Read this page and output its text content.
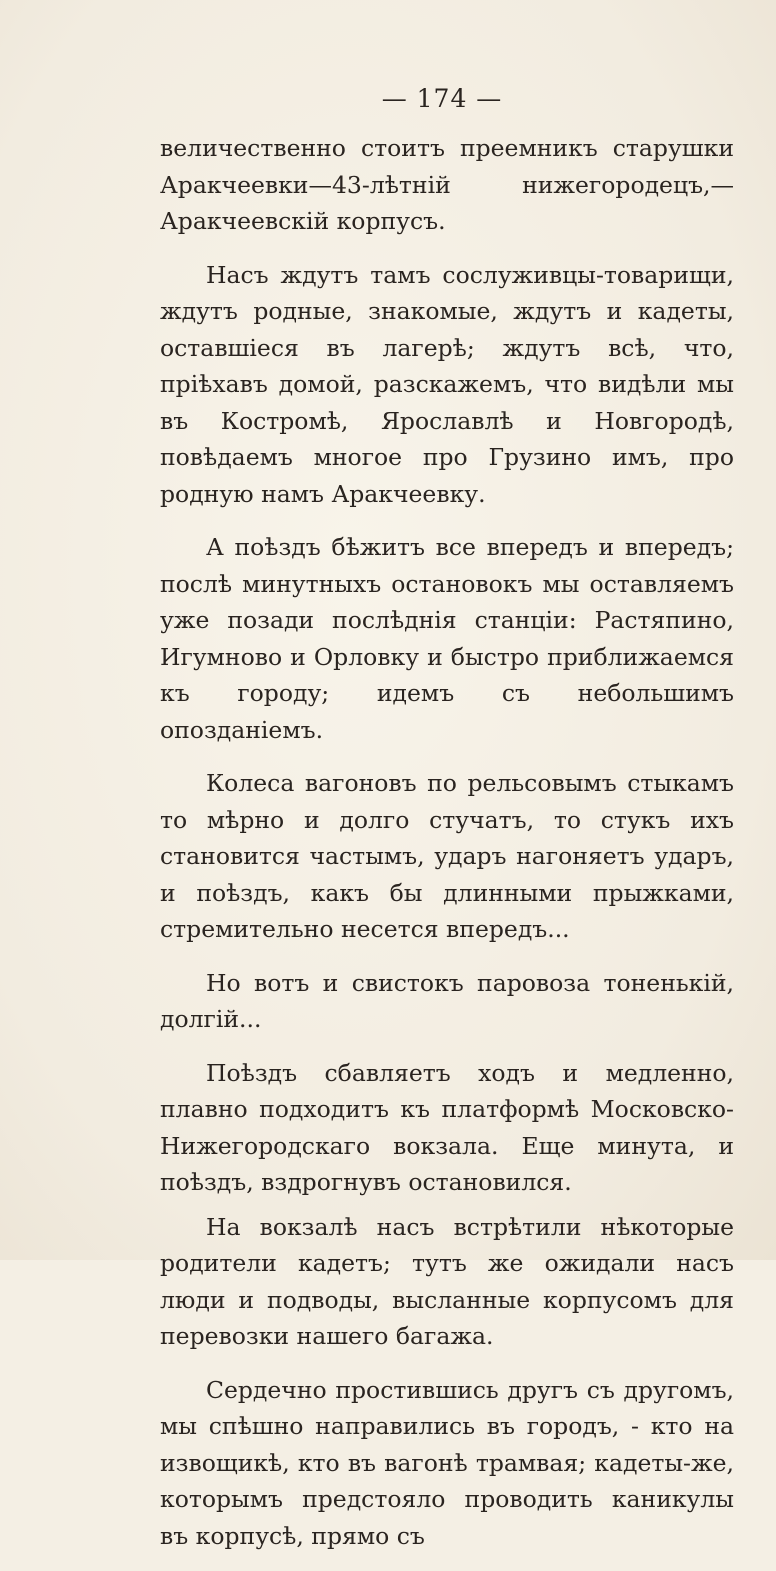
— 174 —

величественно стоитъ преемникъ старушки Аракчеевки—43-лѣтній нижегородецъ,—Аракчеевскій корпусъ.

Насъ ждутъ тамъ сослуживцы-товарищи, ждутъ родные, знакомые, ждутъ и кадеты, оставшіеся въ лагерѣ; ждутъ всѣ, что, пріѣхавъ домой, разскажемъ, что видѣли мы въ Костромѣ, Ярославлѣ и Новгородѣ, повѣдаемъ многое про Грузино имъ, про родную намъ Аракчеевку.

А поѣздъ бѣжитъ все впередъ и впередъ; послѣ минутныхъ остановокъ мы оставляемъ уже позади послѣднія станціи: Растяпино, Игумново и Орловку и быстро приближаемся къ городу; идемъ съ небольшимъ опозданіемъ.

Колеса вагоновъ по рельсовымъ стыкамъ то мѣрно и долго стучатъ, то стукъ ихъ становится частымъ, ударъ нагоняетъ ударъ, и поѣздъ, какъ бы длинными прыжками, стремительно несется впередъ...

Но вотъ и свистокъ паровоза тоненькій, долгій...

Поѣздъ сбавляетъ ходъ и медленно, плавно подходитъ къ платформѣ Московско-Нижегородскаго вокзала. Еще минута, и поѣздъ, вздрогнувъ остановился.

На вокзалѣ насъ встрѣтили нѣкоторые родители кадетъ; тутъ же ожидали насъ люди и подводы, высланные корпусомъ для перевозки нашего багажа.

Сердечно простившись другъ съ другомъ, мы спѣшно направились въ городъ, - кто на извощикѣ, кто въ вагонѣ трамвая; кадеты-же, которымъ предстояло проводить каникулы въ корпусѣ, прямо съ
